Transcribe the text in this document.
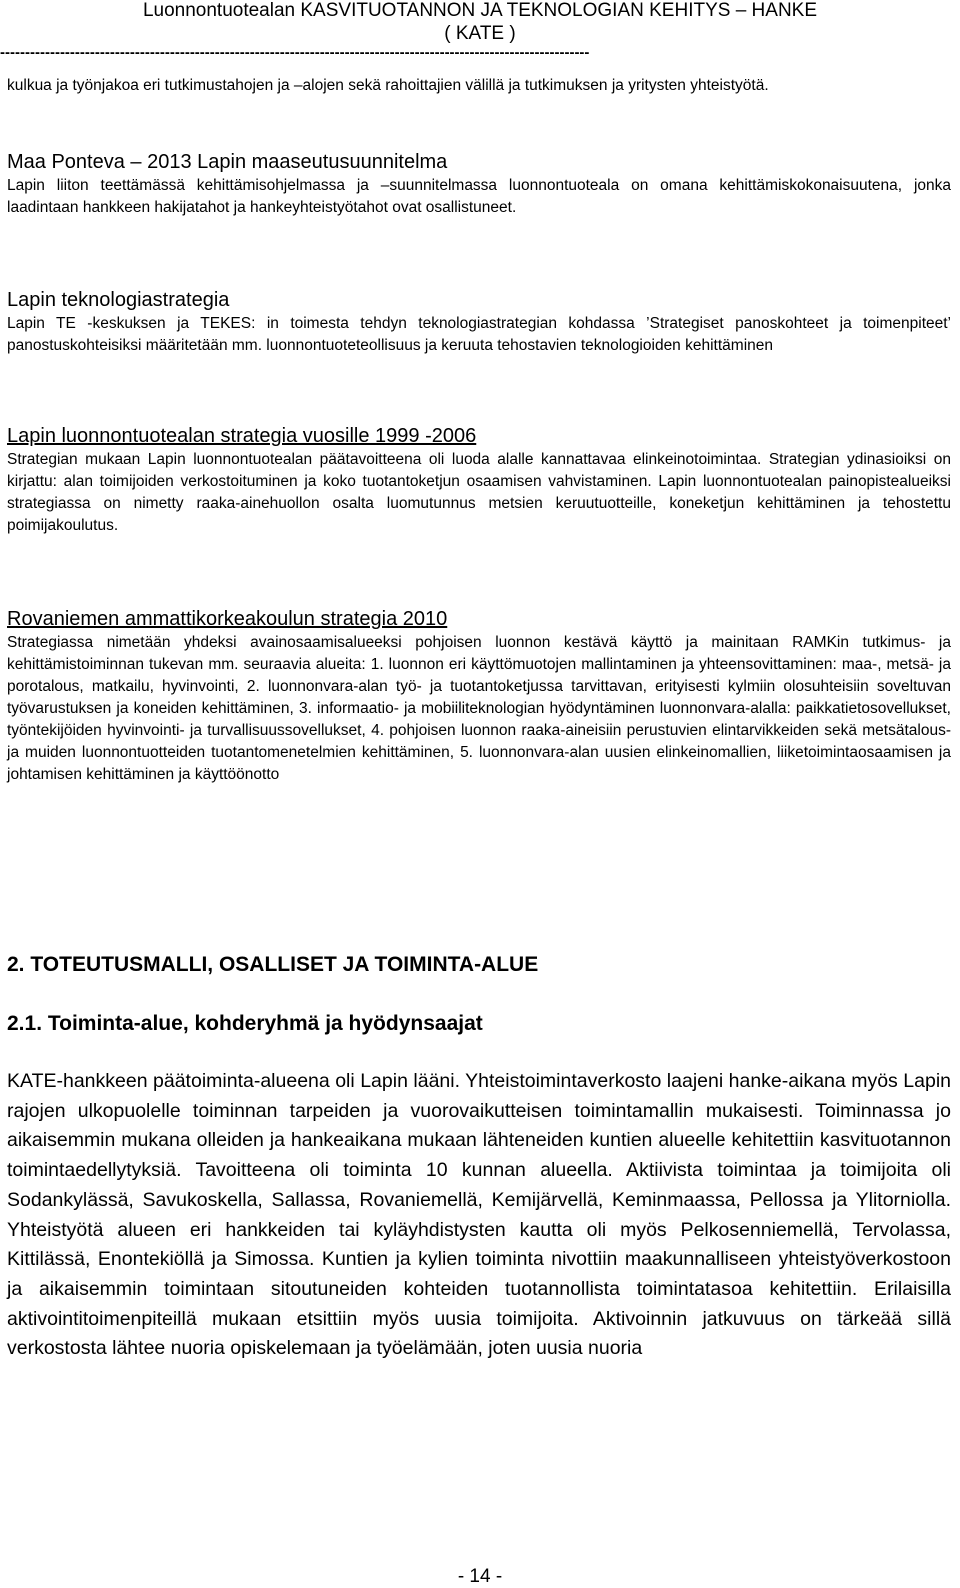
Luonnontuotealan KASVITUOTANNON JA TEKNOLOGIAN KEHITYS – HANKE
( KATE )
----------------------------------------------------------------------------------------------------------------------

kulkua ja työnjakoa eri tutkimustahojen ja –alojen sekä rahoittajien välillä ja tutkimuksen ja yritysten yhteistyötä.

Maa Ponteva – 2013 Lapin maaseutusuunnitelma

Lapin liiton teettämässä kehittämisohjelmassa ja –suunnitelmassa luonnontuoteala on omana kehittämiskokonaisuutena, jonka laadintaan hankkeen hakijatahot ja hankeyhteistyötahot ovat osallistuneet.

Lapin teknologiastrategia

Lapin TE -keskuksen ja TEKES: in toimesta tehdyn teknologiastrategian kohdassa ’Strategiset panoskohteet ja toimenpiteet’ panostuskohteisiksi määritetään mm. luonnontuoteteollisuus ja keruuta tehostavien teknologioiden kehittäminen

Lapin luonnontuotealan strategia vuosille 1999 -2006

Strategian mukaan Lapin luonnontuotealan päätavoitteena oli luoda alalle kannattavaa elinkeinotoimintaa. Strategian ydinasioiksi on kirjattu: alan toimijoiden verkostoituminen ja koko tuotantoketjun osaamisen vahvistaminen. Lapin luonnontuotealan painopistealueiksi strategiassa on nimetty raaka-ainehuollon osalta luomutunnus metsien keruutuotteille, koneketjun kehittäminen ja tehostettu poimijakoulutus.

Rovaniemen ammattikorkeakoulun strategia 2010

Strategiassa nimetään yhdeksi avainosaamisalueeksi pohjoisen luonnon kestävä käyttö ja mainitaan RAMKin tutkimus- ja kehittämistoiminnan tukevan mm. seuraavia alueita: 1. luonnon eri käyttömuotojen mallintaminen ja yhteensovittaminen: maa-, metsä- ja porotalous, matkailu, hyvinvointi, 2. luonnonvara-alan työ- ja tuotantoketjussa tarvittavan, erityisesti kylmiin olosuhteisiin soveltuvan työvarustuksen ja koneiden kehittäminen, 3. informaatio- ja mobiiliteknologian hyödyntäminen luonnonvara-alalla: paikkatietosovellukset, työntekijöiden hyvinvointi- ja turvallisuussovellukset, 4. pohjoisen luonnon raaka-aineisiin perustuvien elintarvikkeiden sekä metsätalous- ja muiden luonnontuotteiden tuotantomenetelmien kehittäminen, 5. luonnonvara-alan uusien elinkeinomallien, liiketoimintaosaamisen ja johtamisen kehittäminen ja käyttöönotto

2. TOTEUTUSMALLI, OSALLISET JA TOIMINTA-ALUE

2.1. Toiminta-alue, kohderyhmä ja hyödynsaajat

KATE-hankkeen päätoiminta-alueena oli Lapin lääni. Yhteistoimintaverkosto laajeni hanke-aikana myös Lapin rajojen ulkopuolelle toiminnan tarpeiden ja vuorovaikutteisen toimintamallin mukaisesti. Toiminnassa jo aikaisemmin mukana olleiden ja hankeaikana mukaan lähteneiden kuntien alueelle kehitettiin kasvituotannon toimintaedellytyksiä. Tavoitteena oli toiminta 10 kunnan alueella. Aktiivista toimintaa ja toimijoita oli Sodankylässä, Savukoskella, Sallassa, Rovaniemellä, Kemijärvellä, Keminmaassa, Pellossa ja Ylitorniolla. Yhteistyötä alueen eri hankkeiden tai kyläyhdistysten kautta oli myös Pelkosenniemellä, Tervolassa, Kittilässä, Enontekiöllä ja Simossa. Kuntien ja kylien toiminta nivottiin maakunnalliseen yhteistyöverkostoon ja aikaisemmin toimintaan sitoutuneiden kohteiden tuotannollista toimintatasoa kehitettiin. Erilaisilla aktivointitoimenpiteillä mukaan etsittiin myös uusia toimijoita. Aktivoinnin jatkuvuus on tärkeää sillä verkostosta lähtee nuoria opiskelemaan ja työelämään, joten uusia nuoria

- 14 -
